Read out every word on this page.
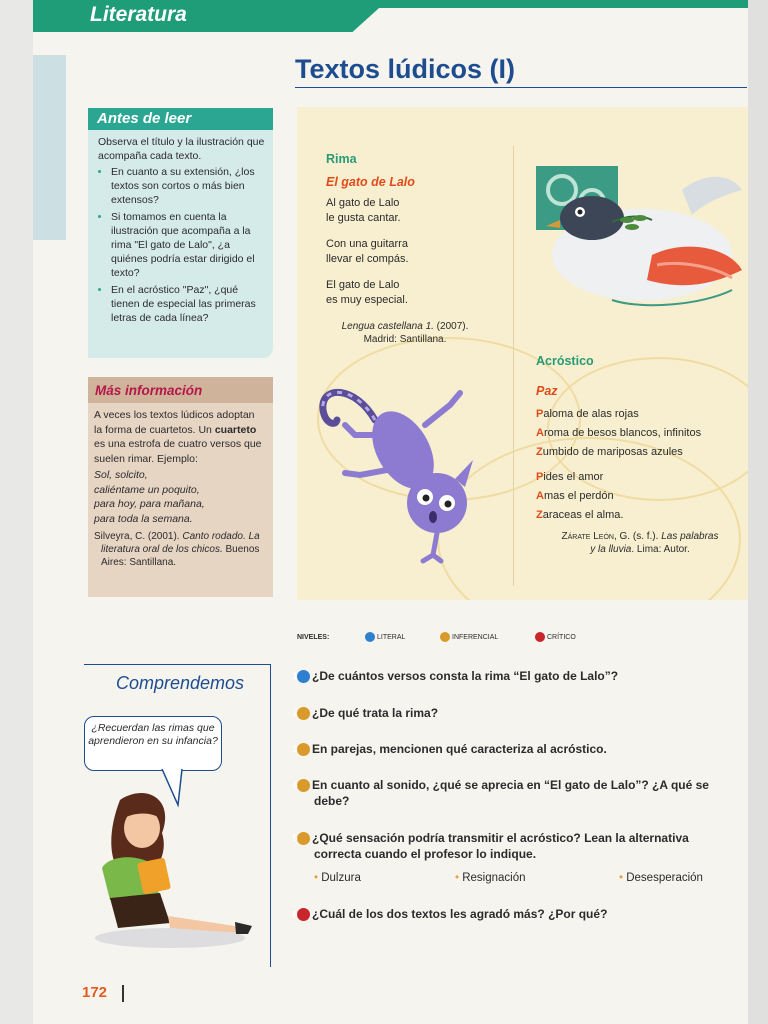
Literatura
Textos lúdicos (I)
Antes de leer

Observa el título y la ilustración que acompaña cada texto.

• En cuanto a su extensión, ¿los textos son cortos o más bien extensos?
• Si tomamos en cuenta la ilustración que acompaña a la rima "El gato de Lalo", ¿a quiénes podría estar dirigido el texto?
• En el acróstico "Paz", ¿qué tienen de especial las primeras letras de cada línea?
Más información

A veces los textos lúdicos adoptan la forma de cuartetos. Un cuarteto es una estrofa de cuatro versos que suelen rimar. Ejemplo:

Sol, solcito,
caliéntame un poquito,
para hoy, para mañana,
para toda la semana.

Silveyra, C. (2001). Canto rodado. La literatura oral de los chicos. Buenos Aires: Santillana.

Rima
El gato de Lalo
Al gato de Lalo
le gusta cantar.
Con una guitarra
llevar el compás.
El gato de Lalo
es muy especial.
Lengua castellana 1. (2007).
Madrid: Santillana.
Acróstico
Paz
Paloma de alas rojas
Aroma de besos blancos, infinitos
Zumbido de mariposas azules
Pides el amor
Amas el perdón
Zaraceas el alma.
Zárate León, G. (s. f.). Las palabras y la lluvia. Lima: Autor.
NIVELES:	LITERAL	INFERENCIAL	CRÍTICO
Comprendemos
¿Recuerdan las rimas que aprendieron en su infancia?
1 ¿De cuántos versos consta la rima “El gato de Lalo”?
2 ¿De qué trata la rima?
3 En parejas, mencionen qué caracteriza al acróstico.
4 En cuanto al sonido, ¿qué se aprecia en “El gato de Lalo”? ¿A qué se debe?
5 ¿Qué sensación podría transmitir el acróstico? Lean la alternativa correcta cuando el profesor lo indique.
• Dulzura	• Resignación	• Desesperación
6 ¿Cuál de los dos textos les agradó más? ¿Por qué?
172
